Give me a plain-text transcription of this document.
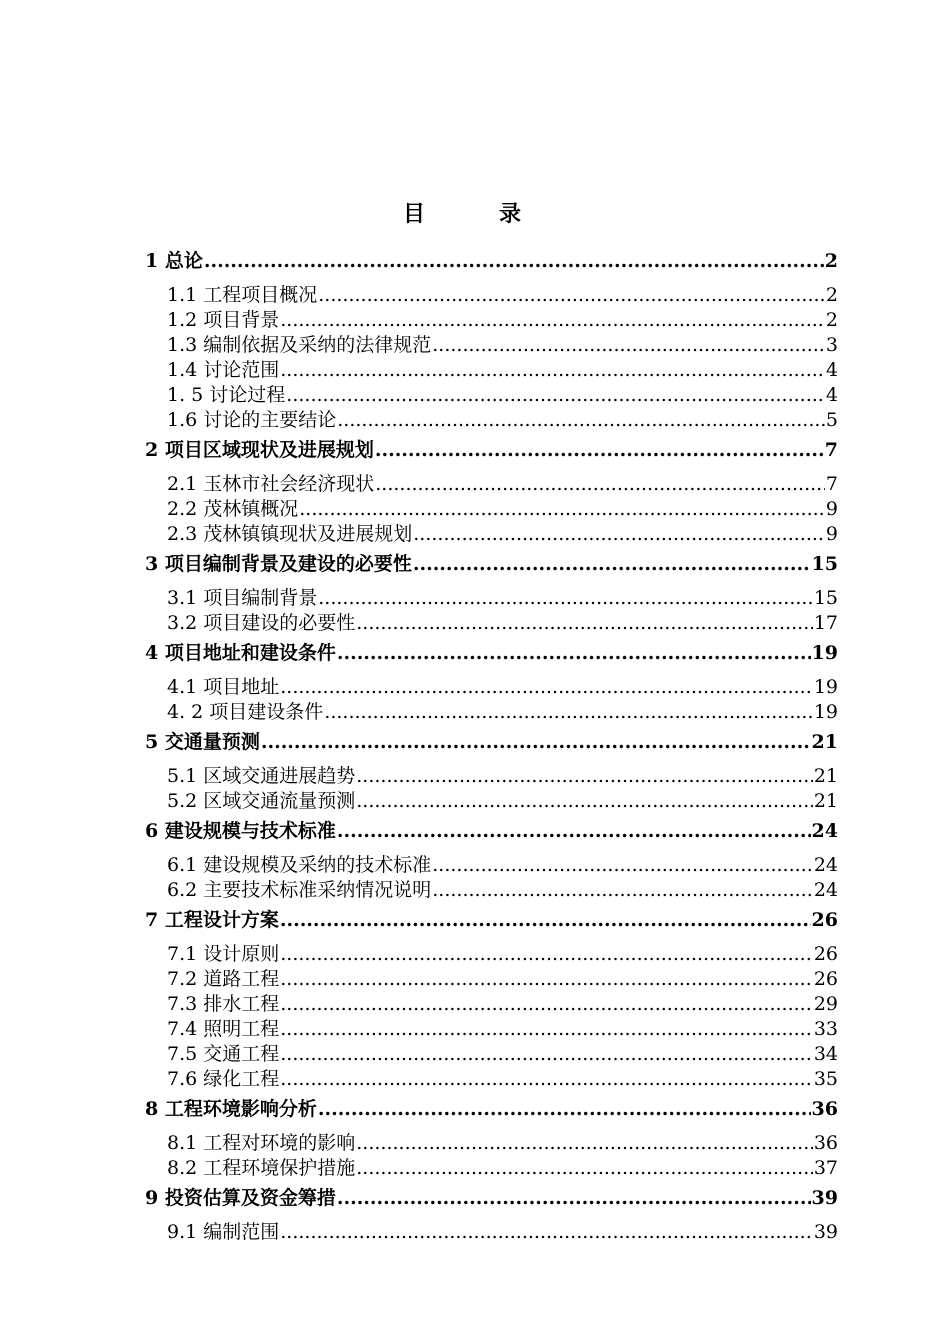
目　录
1 总论 .....	2
1.1 工程项目概况 .....	2
1.2 项目背景 .....	2
1.3 编制依据及采纳的法律规范 .....	3
1.4 讨论范围 .....	4
1. 5 讨论过程 .....	4
1.6 讨论的主要结论 .....	5
2 项目区域现状及进展规划 .....	7
2.1 玉林市社会经济现状 .....	7
2.2 茂林镇概况 .....	9
2.3 茂林镇镇现状及进展规划 .....	9
3 项目编制背景及建设的必要性 .....	15
3.1 项目编制背景 .....	15
3.2 项目建设的必要性 .....	17
4 项目地址和建设条件 .....	19
4.1 项目地址 .....	19
4. 2 项目建设条件 .....	19
5 交通量预测 .....	21
5.1 区域交通进展趋势 .....	21
5.2 区域交通流量预测 .....	21
6 建设规模与技术标准 .....	24
6.1 建设规模及采纳的技术标准 .....	24
6.2 主要技术标准采纳情况说明 .....	24
7 工程设计方案 .....	26
7.1 设计原则 .....	26
7.2 道路工程 .....	26
7.3 排水工程 .....	29
7.4 照明工程 .....	33
7.5 交通工程 .....	34
7.6 绿化工程 .....	35
8 工程环境影响分析 .....	36
8.1 工程对环境的影响 .....	36
8.2 工程环境保护措施 .....	37
9 投资估算及资金筹措 .....	39
9.1 编制范围 .....	39
